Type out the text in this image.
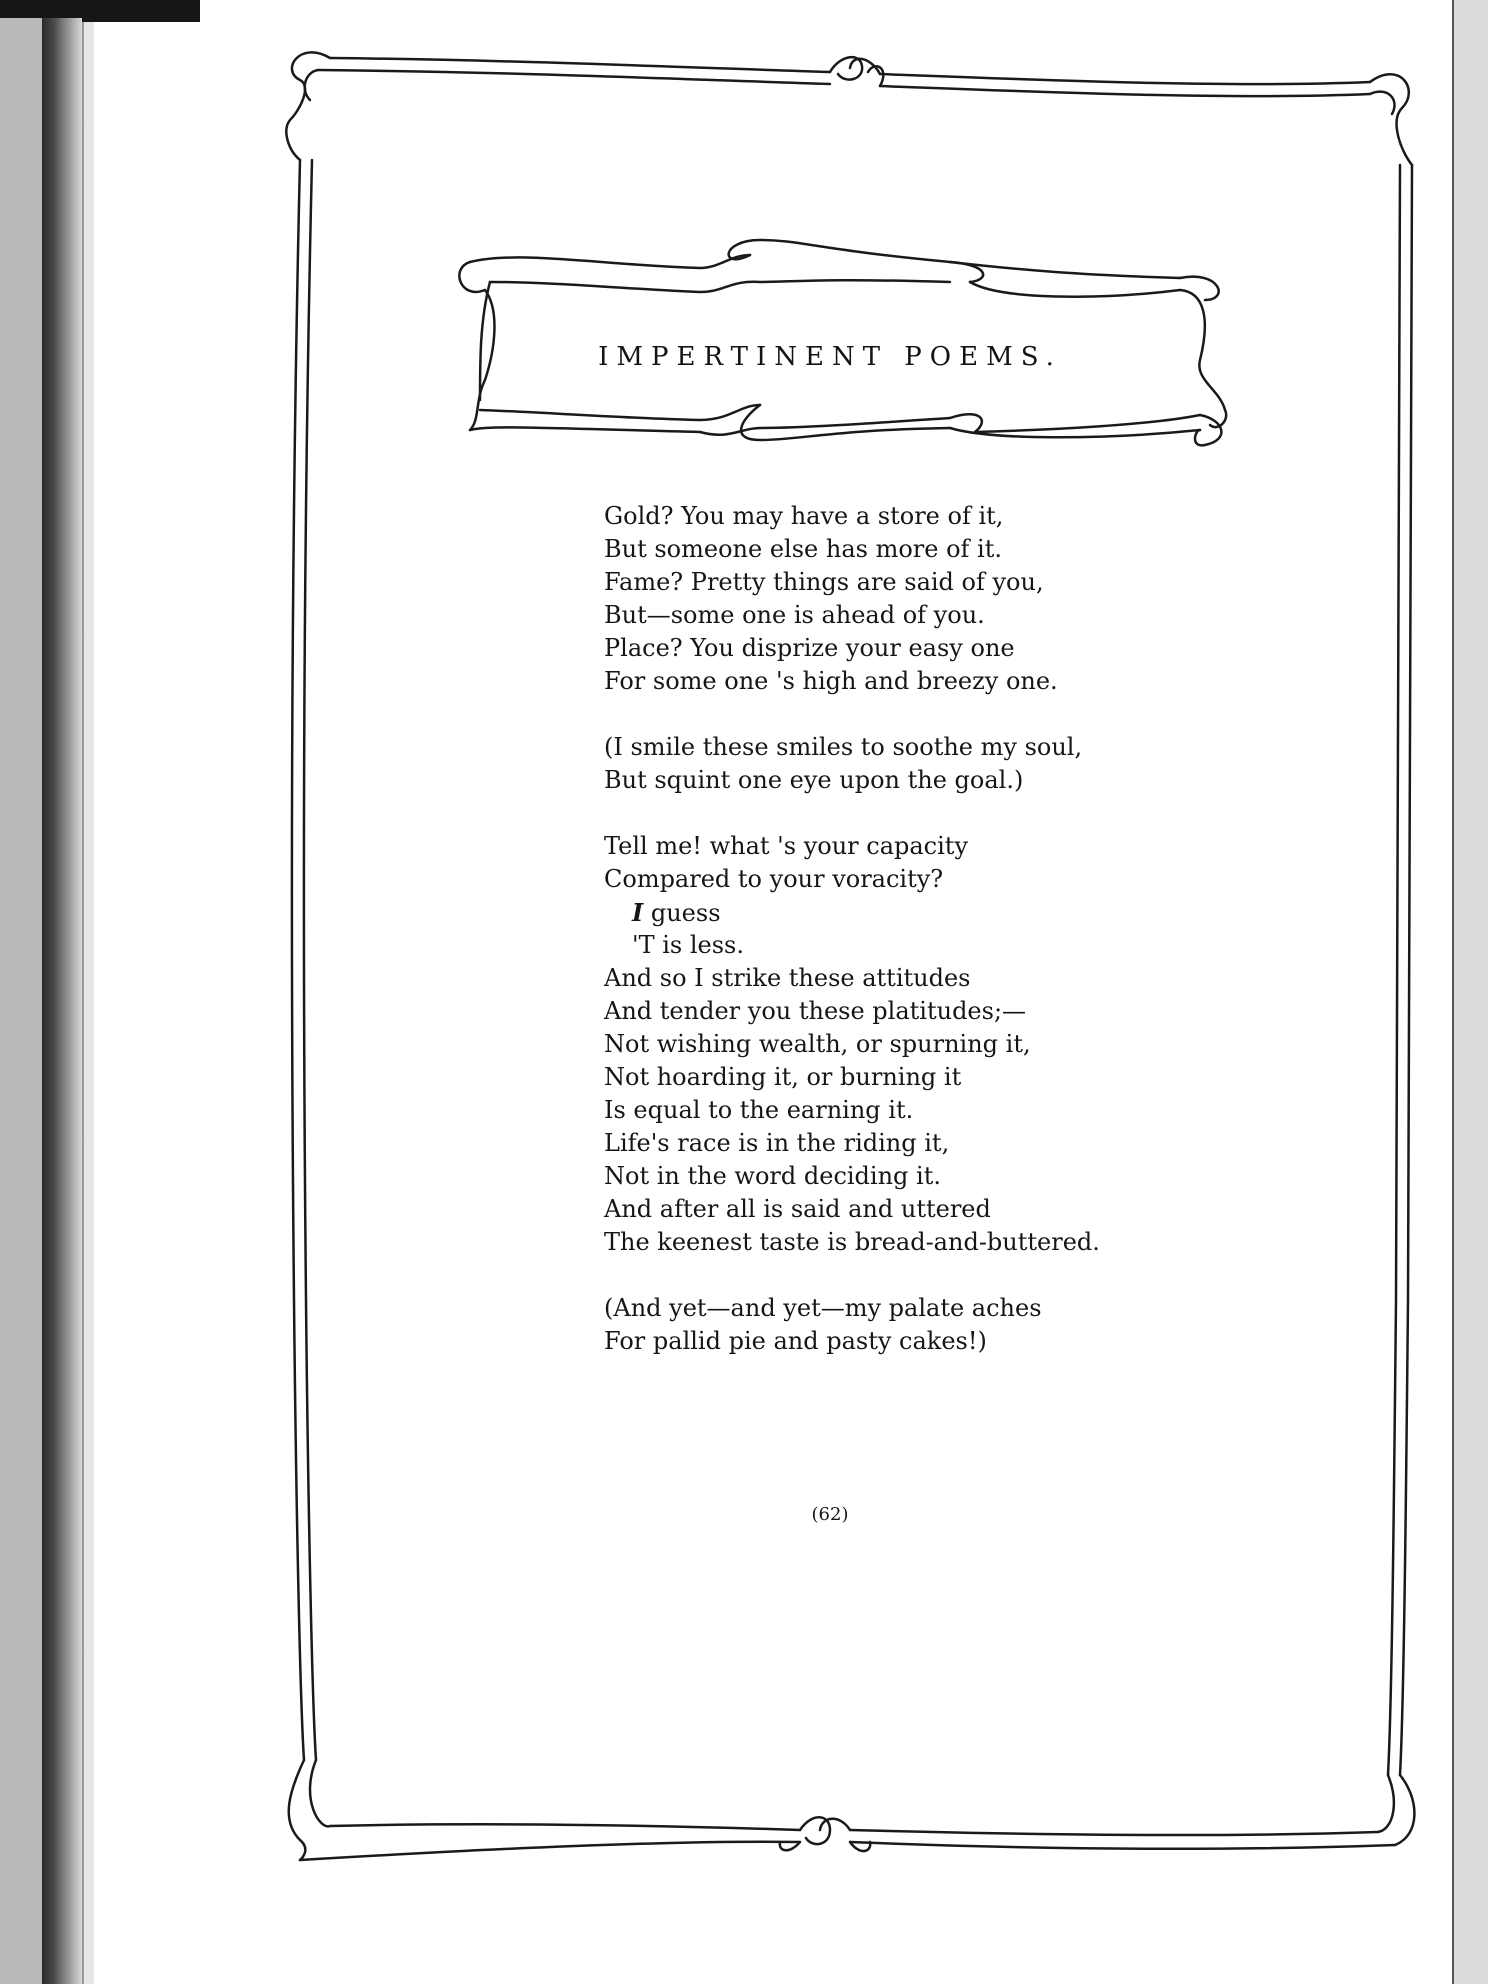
IMPERTINENT POEMS.
Gold? You may have a store of it,
But someone else has more of it.
Fame? Pretty things are said of you,
But—some one is ahead of you.
Place? You disprize your easy one
For some one 's high and breezy one.
(I smile these smiles to soothe my soul,
But squint one eye upon the goal.)
Tell me! what 's your capacity
Compared to your voracity?
I guess
'T is less.
And so I strike these attitudes
And tender you these platitudes;—
Not wishing wealth, or spurning it,
Not hoarding it, or burning it
Is equal to the earning it.
Life's race is in the riding it,
Not in the word deciding it.
And after all is said and uttered
The keenest taste is bread-and-buttered.
(And yet—and yet—my palate aches
For pallid pie and pasty cakes!)
(62)
